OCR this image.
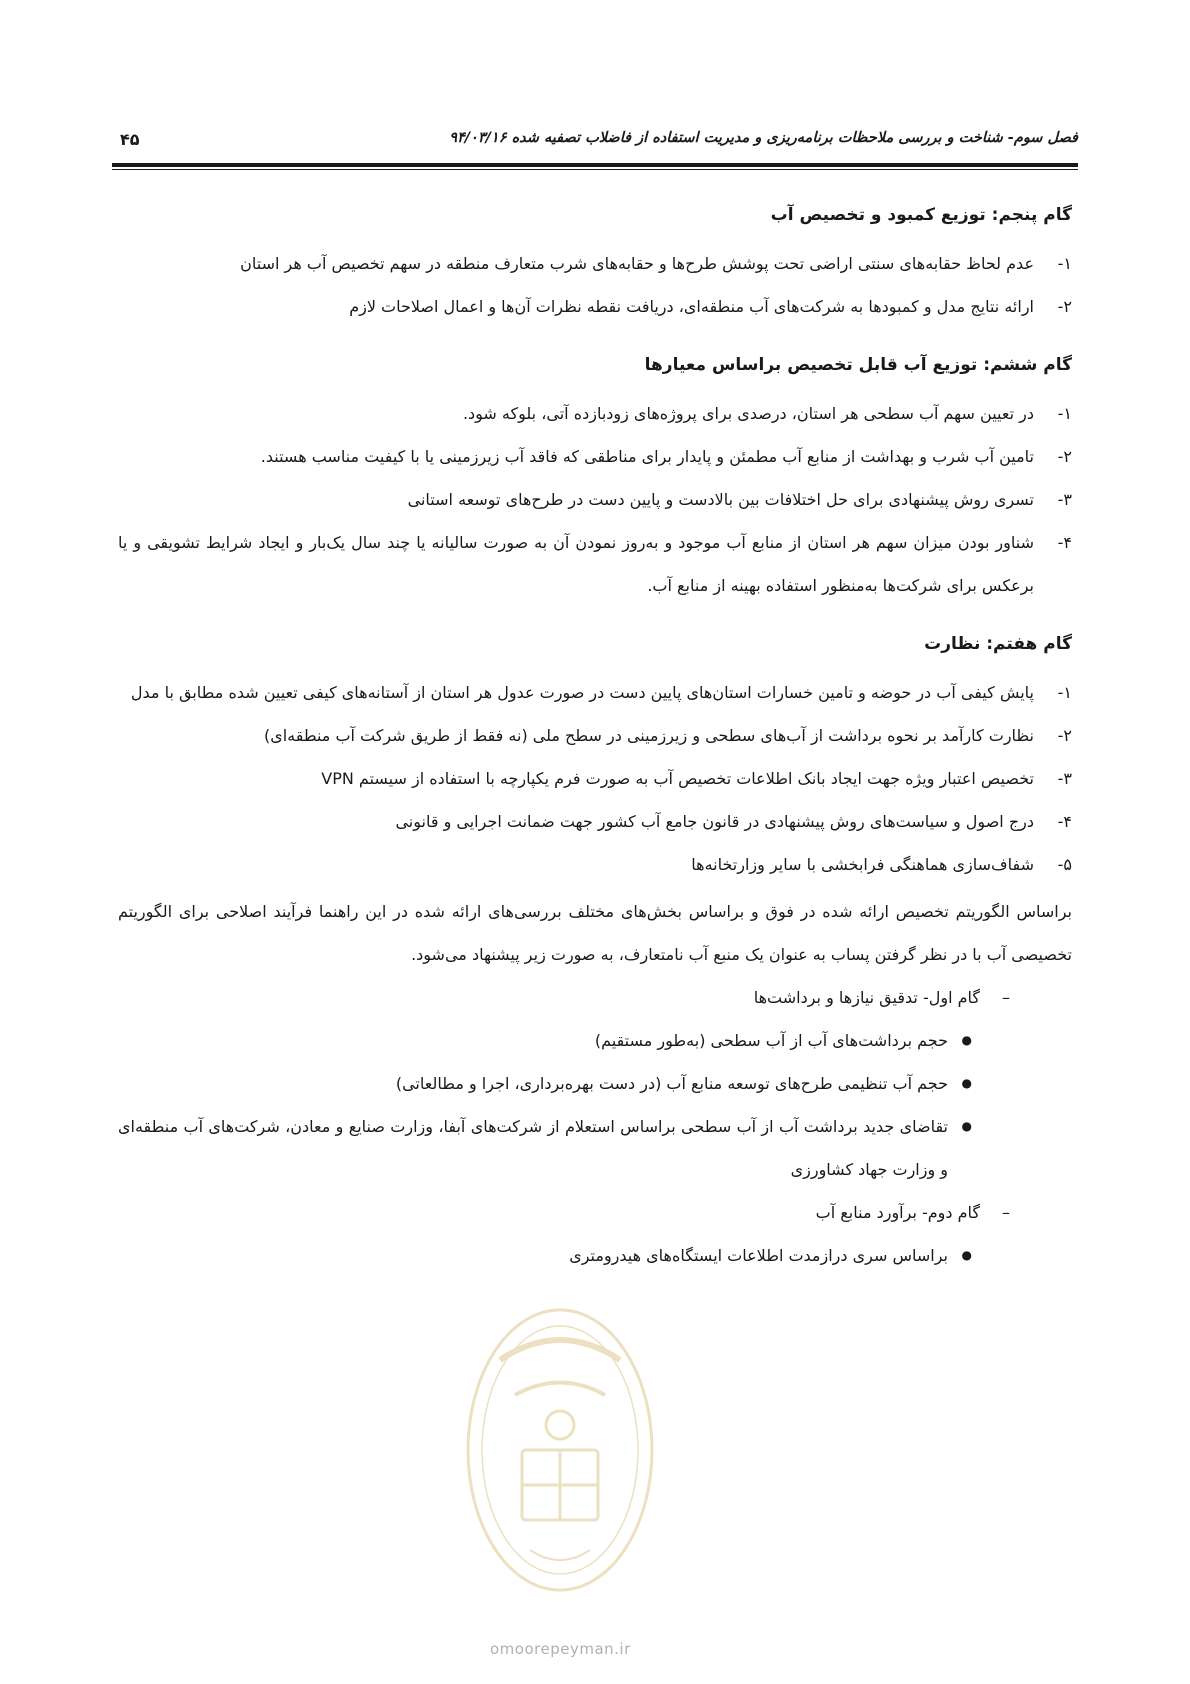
فصل سوم- شناخت و بررسی ملاحظات برنامه‌ریزی و مدیریت استفاده از فاضلاب تصفیه شده ۹۴/۰۳/۱۶
۴۵
گام پنجم: توزیع کمبود و تخصیص آب
۱-
عدم لحاظ حقابه‌های سنتی اراضی تحت پوشش طرح‌ها و حقابه‌های شرب متعارف منطقه در سهم تخصیص آب هر استان
۲-
ارائه نتایج مدل و کمبودها به شرکت‌های آب منطقه‌ای، دریافت نقطه نظرات آن‌ها و اعمال اصلاحات لازم
گام ششم: توزیع آب قابل تخصیص براساس معیارها
۱-
در تعیین سهم آب سطحی هر استان، درصدی برای پروژه‌های زودبازده آتی، بلوکه شود.
۲-
تامین آب شرب و بهداشت از منابع آب مطمئن و پایدار برای مناطقی که فاقد آب زیرزمینی یا با کیفیت مناسب هستند.
۳-
تسری روش پیشنهادی برای حل اختلافات بین بالادست و پایین دست در طرح‌های توسعه استانی
۴-
شناور بودن میزان سهم هر استان از منابع آب موجود و به‌روز نمودن آن به صورت سالیانه یا چند سال یک‌بار و ایجاد شرایط تشویقی و یا برعکس برای شرکت‌ها به‌منظور استفاده بهینه از منابع آب.
گام هفتم: نظارت
۱-
پایش کیفی آب در حوضه و تامین خسارات استان‌های پایین دست در صورت عدول هر استان از آستانه‌های کیفی تعیین شده مطابق با مدل
۲-
نظارت کارآمد بر نحوه برداشت از آب‌های سطحی و زیرزمینی در سطح ملی (نه فقط از طریق شرکت آب منطقه‌ای)
۳-
تخصیص اعتبار ویژه جهت ایجاد بانک اطلاعات تخصیص آب به صورت فرم یکپارچه با استفاده از سیستم VPN
۴-
درج اصول و سیاست‌های روش پیشنهادی در قانون جامع آب کشور جهت ضمانت اجرایی و قانونی
۵-
شفاف‌سازی هماهنگی فرابخشی با سایر وزارتخانه‌ها

براساس الگوریتم تخصیص ارائه شده در فوق و براساس بخش‌های مختلف بررسی‌های ارائه شده در این راهنما فرآیند اصلاحی برای الگوریتم تخصیصی آب با در نظر گرفتن پساب به عنوان یک منبع آب نامتعارف، به صورت زیر پیشنهاد می‌شود.

–
گام اول- تدقیق نیازها و برداشت‌ها
●
حجم برداشت‌های آب از آب سطحی (به‌طور مستقیم)
●
حجم آب تنظیمی طرح‌های توسعه منابع آب (در دست بهره‌برداری، اجرا و مطالعاتی)
●
تقاضای جدید برداشت آب از آب سطحی براساس استعلام از شرکت‌های آبفا، وزارت صنایع و معادن، شرکت‌های آب منطقه‌ای و وزارت جهاد کشاورزی
–
گام دوم- برآورد منابع آب
●
براساس سری درازمدت اطلاعات ایستگاه‌های هیدرومتری
omoorepeyman.ir
